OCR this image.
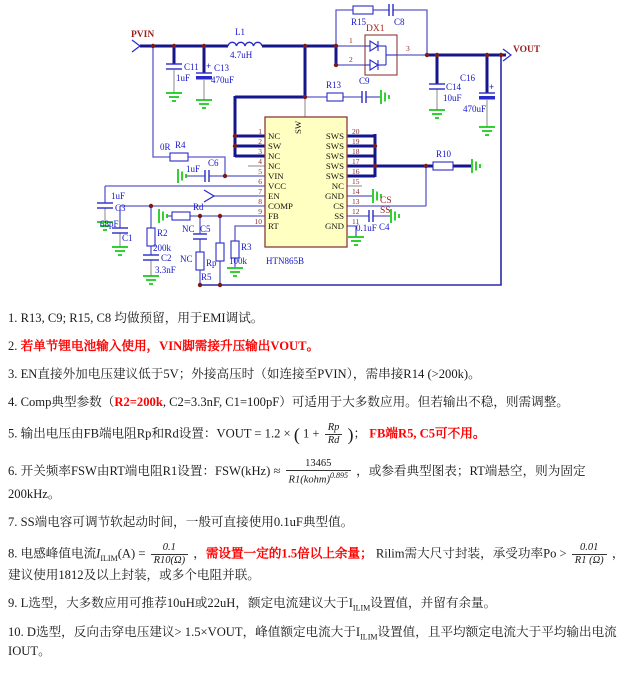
SW
1
2
3
4
5
6
7
8
9
10
NC
SW
NC
NC
VIN
VCC
EN
COMP
FB
RT
20
19
18
17
16
15
14
13
12
11
SWS
SWS
SWS
SWS
SWS
NC
GND
CS
SS
GND
PVIN
VOUT
CS
SS
DX1
1
2
3
HTN865B
C11
1uF
+ C13
470uF
L1
4.7uH
R15	C8
R13 C9
C14
10uF
C16
+
470uF
0R R4
C6
1uF
1uF
C3
68pF
C1	R2
200k
C2
3.3nF
Rd
NC C5
NC
R5
Rp
R3
100k
R10
0.1uF C4

1. R13, C9; R15, C8 均做预留，用于EMI调试。

2. 若单节锂电池输入使用，VIN脚需接升压输出VOUT。

3. EN直接外加电压建议低于5V；外接高压时（如连接至PVIN），需串接R14 (>200k)。

4. Comp典型参数（R2=200k, C2=3.3nF, C1=100pF）可适用于大多数应用。但若输出不稳，则需调整。

5. 输出电压由FB端电阻Rp和Rd设置：VOUT = 1.2 × ( $1 + \frac{Rp}{Rd}$ )； FB端R5, C5可不用。

6. 开关频率FSW由RT端电阻R1设置：$FSW(kHz) \approx \frac{13465}{R1(kohm)^{0.895}}$ ，或参看典型图表；RT端悬空，则为固定200kHz。

7. SS端电容可调节软起动时间，一般可直接使用0.1uF典型值。

8. 电感峰值电流$I_{ILIM}(A) = \frac{0.1}{R10(\Omega)}$ ，需设置一定的1.5倍以上余量； Rilim需大尺寸封装，承受功率$Po > \frac{0.01}{R1 (\Omega)}$ ，建议使用1812及以上封装，或多个电阻并联。

9. L选型，大多数应用可推荐10uH或22uH，额定电流建议大于$I_{ILIM}$设置值，并留有余量。

10. D选型，反向击穿电压建议> 1.5×VOUT，峰值额定电流大于$I_{ILIM}$设置值，且平均额定电流大于平均输出电流IOUT。
